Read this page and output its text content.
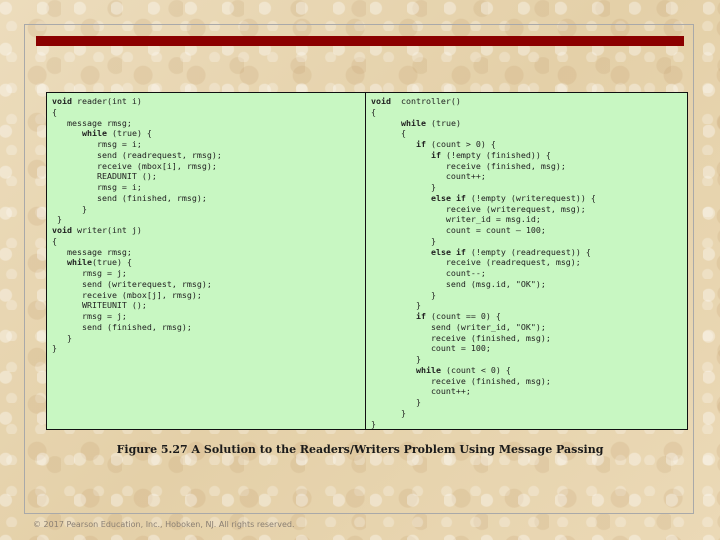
void reader(int i)
{
message rmsg;
while (true) {
rmsg = i;
send (readrequest, rmsg);
receive (mbox[i], rmsg);
READUNIT ();
rmsg = i;
send (finished, rmsg);
}
}
void writer(int j)
{
message rmsg;
while(true) {
rmsg = j;
send (writerequest, rmsg);
receive (mbox[j], rmsg);
WRITEUNIT ();
rmsg = j;
send (finished, rmsg);
}
}
void  controller()
{
while (true)
{
if (count > 0) {
if (!empty (finished)) {
receive (finished, msg);
count++;
}
else if (!empty (writerequest)) {
receive (writerequest, msg);
writer_id = msg.id;
count = count – 100;
}
else if (!empty (readrequest)) {
receive (readrequest, msg);
count--;
send (msg.id, "OK");
}
}
if (count == 0) {
send (writer_id, "OK");
receive (finished, msg);
count = 100;
}
while (count < 0) {
receive (finished, msg);
count++;
}
}
}
Figure 5.27 A Solution to the Readers/Writers Problem Using Message Passing
© 2017 Pearson Education, Inc., Hoboken, NJ. All rights reserved.
